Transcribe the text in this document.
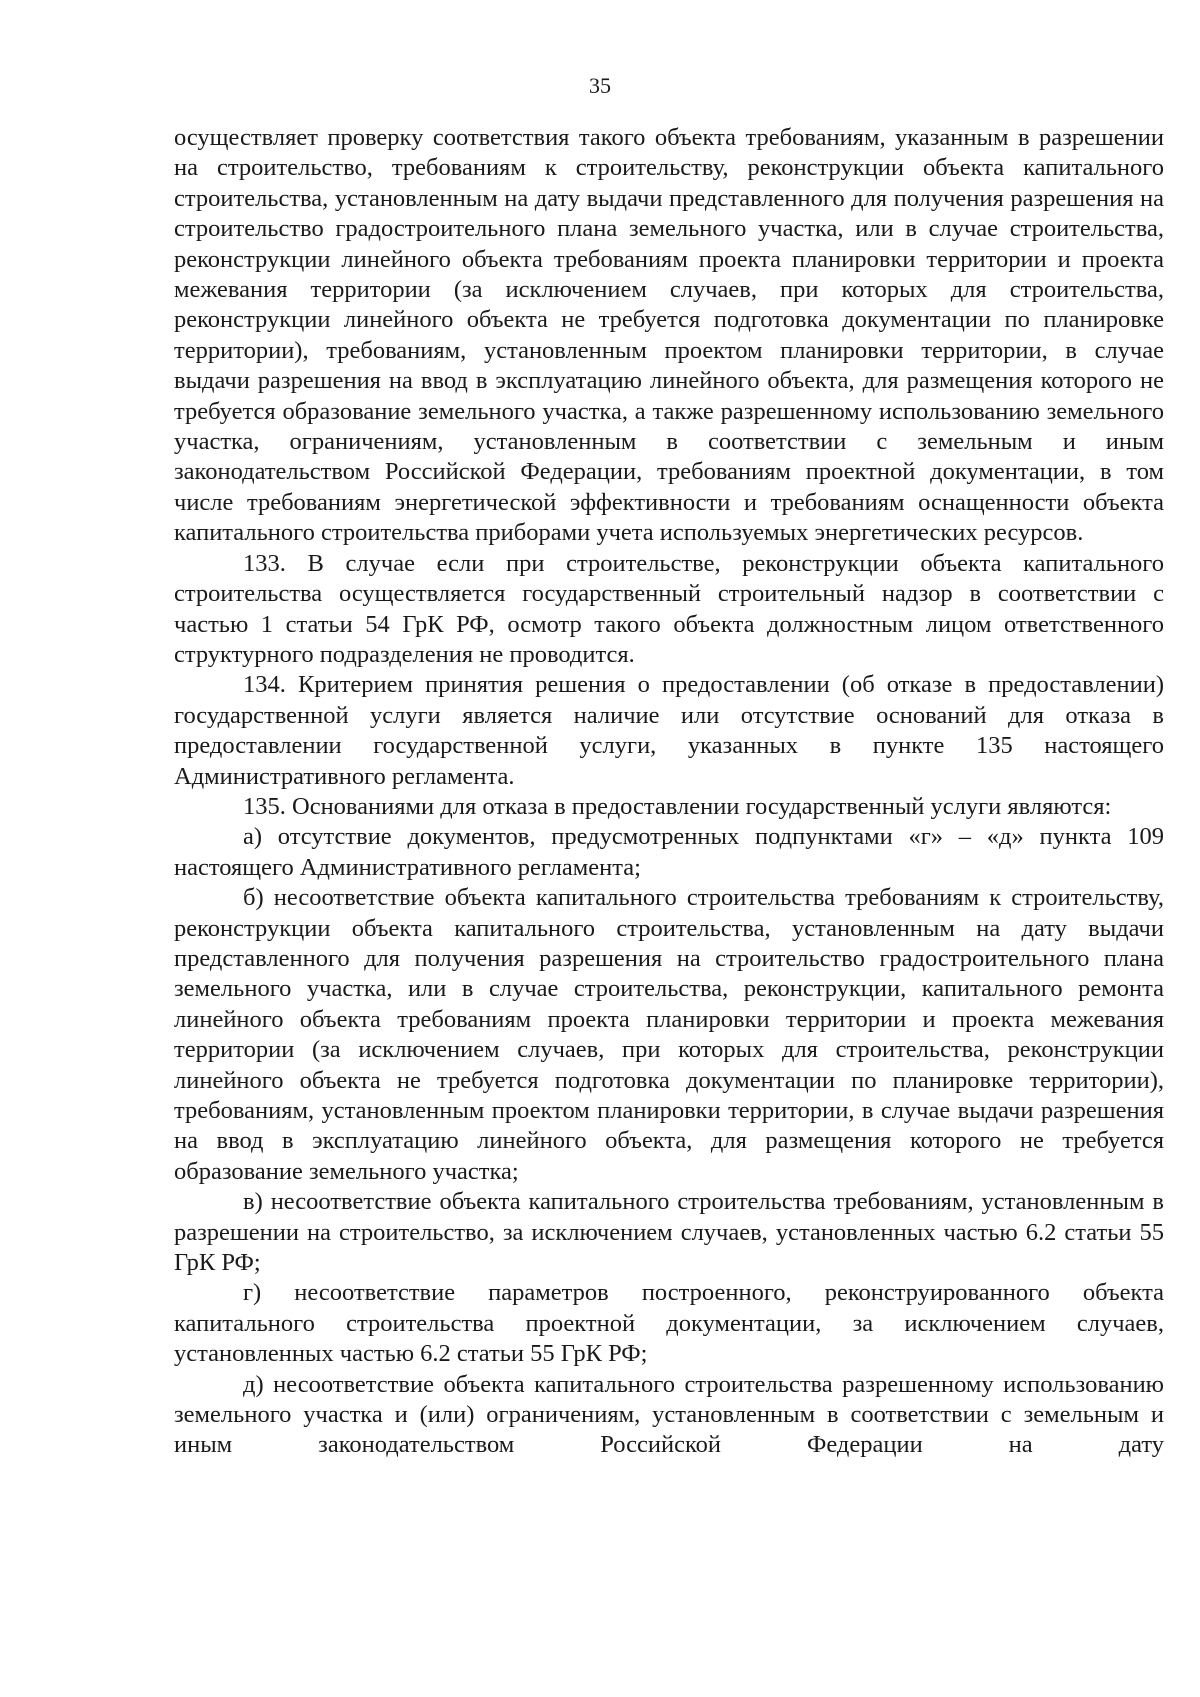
35

осуществляет проверку соответствия такого объекта требованиям, указанным в разрешении на строительство, требованиям к строительству, реконструкции объекта капитального строительства, установленным на дату выдачи представленного для получения разрешения на строительство градостроительного плана земельного участка, или в случае строительства, реконструкции линейного объекта требованиям проекта планировки территории и проекта межевания территории (за исключением случаев, при которых для строительства, реконструкции линейного объекта не требуется подготовка документации по планировке территории), требованиям, установленным проектом планировки территории, в случае выдачи разрешения на ввод в эксплуатацию линейного объекта, для размещения которого не требуется образование земельного участка, а также разрешенному использованию земельного участка, ограничениям, установленным в соответствии с земельным и иным законодательством Российской Федерации, требованиям проектной документации, в том числе требованиям энергетической эффективности и требованиям оснащенности объекта капитального строительства приборами учета используемых энергетических ресурсов.

133. В случае если при строительстве, реконструкции объекта капитального строительства осуществляется государственный строительный надзор в соответствии с частью 1 статьи 54 ГрК РФ, осмотр такого объекта должностным лицом ответственного структурного подразделения не проводится.

134. Критерием принятия решения о предоставлении (об отказе в предоставлении) государственной услуги является наличие или отсутствие оснований для отказа в предоставлении государственной услуги, указанных в пункте 135 настоящего Административного регламента.

135. Основаниями для отказа в предоставлении государственный услуги являются:

а) отсутствие документов, предусмотренных подпунктами «г» – «д» пункта 109 настоящего Административного регламента;

б) несоответствие объекта капитального строительства требованиям к строительству, реконструкции объекта капитального строительства, установленным на дату выдачи представленного для получения разрешения на строительство градостроительного плана земельного участка, или в случае строительства, реконструкции, капитального ремонта линейного объекта требованиям проекта планировки территории и проекта межевания территории (за исключением случаев, при которых для строительства, реконструкции линейного объекта не требуется подготовка документации по планировке территории), требованиям, установленным проектом планировки территории, в случае выдачи разрешения на ввод в эксплуатацию линейного объекта, для размещения которого не требуется образование земельного участка;

в) несоответствие объекта капитального строительства требованиям, установленным в разрешении на строительство, за исключением случаев, установленных частью 6.2 статьи 55 ГрК РФ;

г) несоответствие параметров построенного, реконструированного объекта капитального строительства проектной документации, за исключением случаев, установленных частью 6.2 статьи 55 ГрК РФ;

д) несоответствие объекта капитального строительства разрешенному использованию земельного участка и (или) ограничениям, установленным в соответствии с земельным и иным законодательством Российской Федерации на дату
